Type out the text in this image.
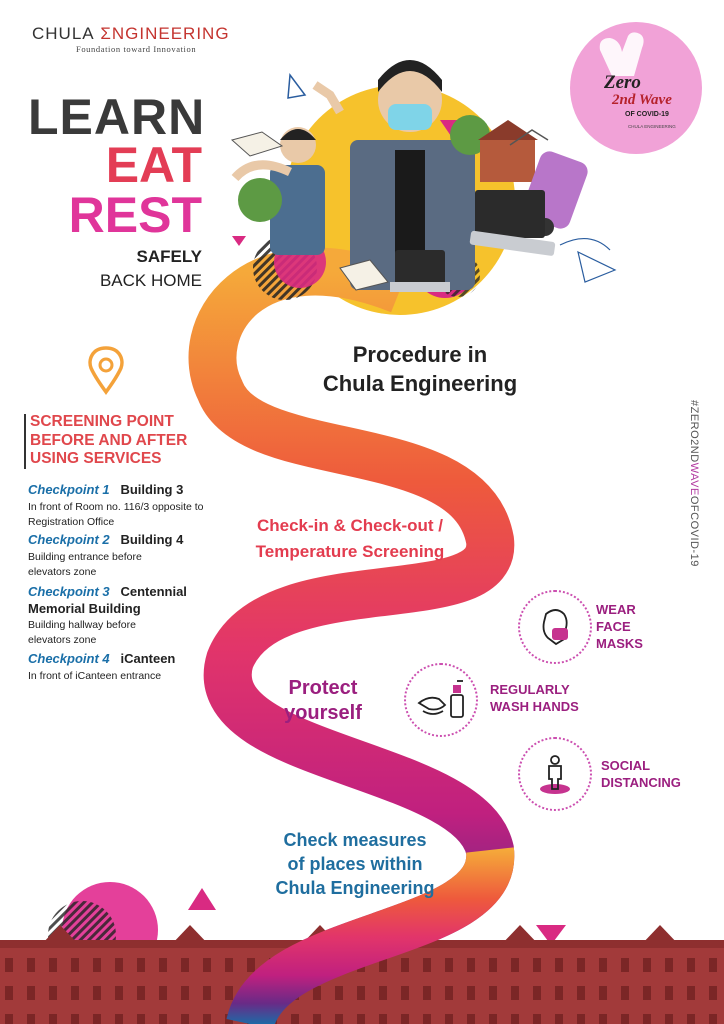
CHULA ΣNGINEERING
Foundation toward Innovation
LEARN
EAT
REST
SAFELY
BACK HOME
Zero
2nd Wave
OF COVID-19
CHULA ENGINEERING
Procedure in
Chula Engineering
SCREENING POINT
BEFORE AND AFTER
USING SERVICES
Checkpoint 1 Building 3
In front of Room no. 116/3 opposite to Registration Office
Checkpoint 2 Building 4
Building entrance before elevators zone
Checkpoint 3 Centennial Memorial Building
Building hallway before elevators zone
Checkpoint 4 iCanteen
In front of iCanteen entrance
Check-in & Check-out /
Temperature Screening
Protect
yourself
Check measures
of places within
Chula Engineering
WEAR
FACE
MASKS
REGULARLY
WASH HANDS
SOCIAL
DISTANCING
#ZERO2NDWAVEOFCOVID-19
